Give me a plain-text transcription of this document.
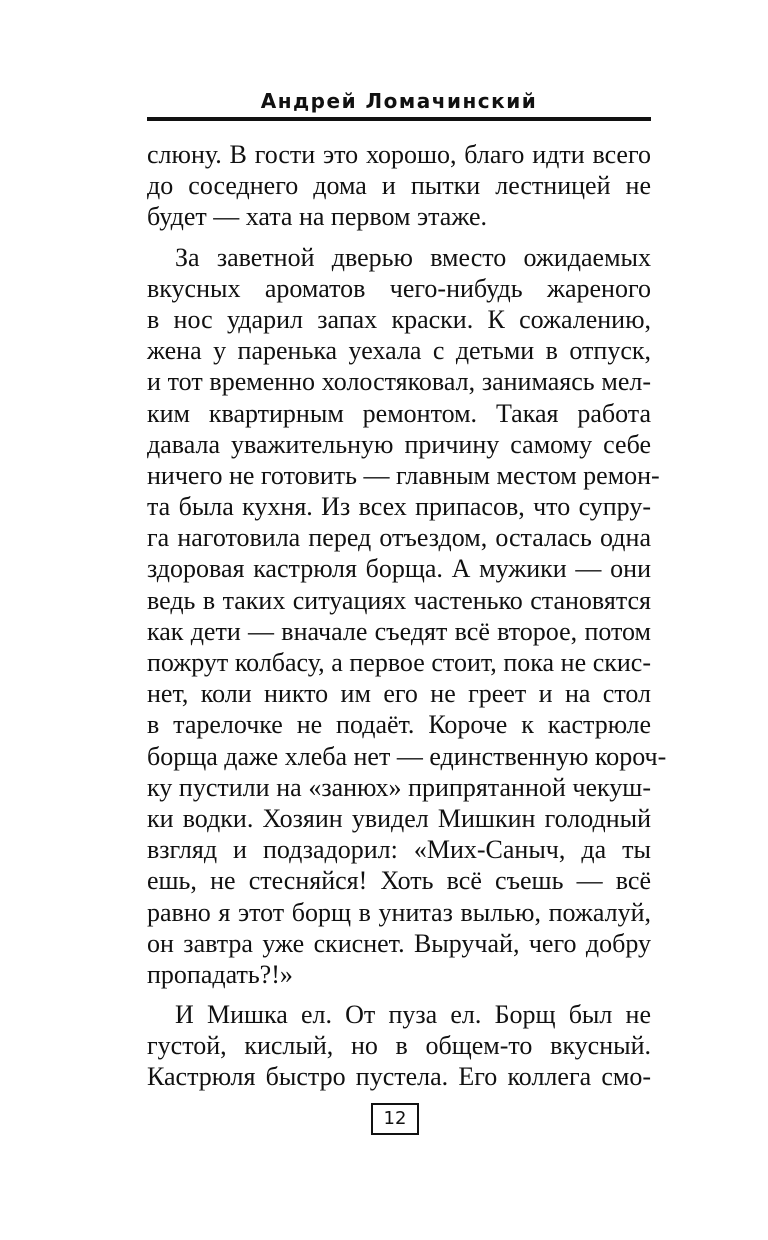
Андрей Ломачинский
слюну. В гости это хорошо, благо идти всего
до соседнего дома и пытки лестницей не
будет — хата на первом этаже.
За заветной дверью вместо ожидаемых
вкусных ароматов чего-нибудь жареного
в нос ударил запах краски. К сожалению,
жена у паренька уехала с детьми в отпуск,
и тот временно холостяковал, занимаясь мел-
ким квартирным ремонтом. Такая работа
давала уважительную причину самому себе
ничего не готовить — главным местом ремон-
та была кухня. Из всех припасов, что супру-
га наготовила перед отъездом, осталась одна
здоровая кастрюля борща. А мужики — они
ведь в таких ситуациях частенько становятся
как дети — вначале съедят всё второе, потом
пожрут колбасу, а первое стоит, пока не скис-
нет, коли никто им его не греет и на стол
в тарелочке не подаёт. Короче к кастрюле
борща даже хлеба нет — единственную короч-
ку пустили на «занюх» припрятанной чекуш-
ки водки. Хозяин увидел Мишкин голодный
взгляд и подзадорил: «Мих-Саныч, да ты
ешь, не стесняйся! Хоть всё съешь — всё
равно я этот борщ в унитаз вылью, пожалуй,
он завтра уже скиснет. Выручай, чего добру
пропадать?!»
И Мишка ел. От пуза ел. Борщ был не
густой, кислый, но в общем-то вкусный.
Кастрюля быстро пустела. Его коллега смо-
12
